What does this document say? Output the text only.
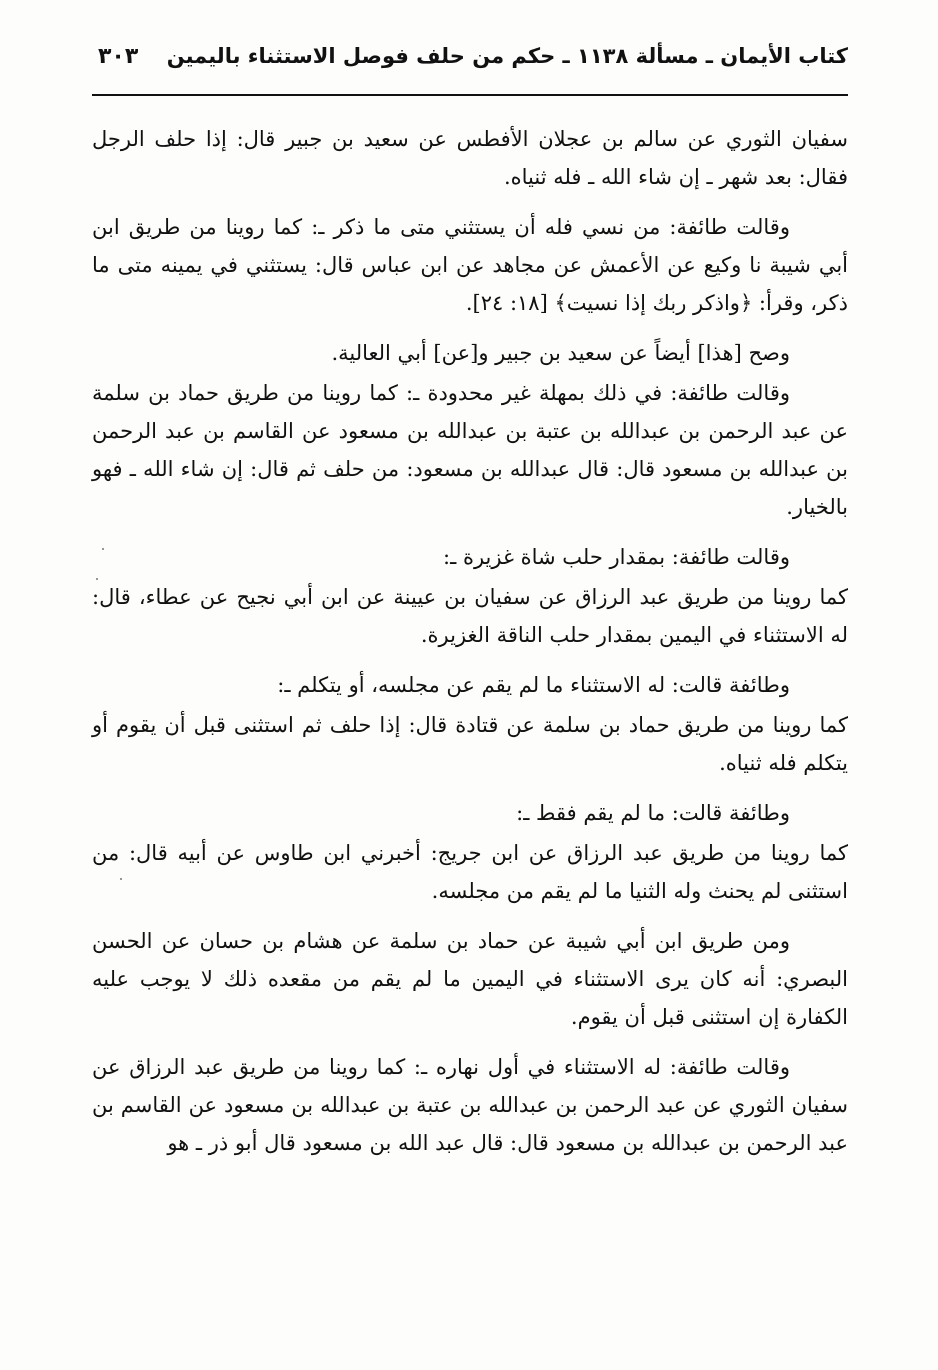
كتاب الأيمان ـ مسألة ١١٣٨ ـ حكم من حلف فوصل الاستثناء باليمين
٣٠٣

سفيان الثوري عن سالم بن عجلان الأفطس عن سعيد بن جبير قال: إذا حلف الرجل فقال: بعد شهر ـ إن شاء الله ـ فله ثنياه.

وقالت طائفة: من نسي فله أن يستثني متى ما ذكر ـ: كما روينا من طريق ابن أبي شيبة نا وكيع عن الأعمش عن مجاهد عن ابن عباس قال: يستثني في يمينه متى ما ذكر، وقرأ: ﴿واذكر ربك إذا نسيت﴾ [١٨: ٢٤].

وصح [هذا] أيضاً عن سعيد بن جبير و[عن] أبي العالية.

وقالت طائفة: في ذلك بمهلة غير محدودة ـ: كما روينا من طريق حماد بن سلمة عن عبد الرحمن بن عبدالله بن عتبة بن عبدالله بن مسعود عن القاسم بن عبد الرحمن بن عبدالله بن مسعود قال: قال عبدالله بن مسعود: من حلف ثم قال: إن شاء الله ـ فهو بالخيار.

وقالت طائفة: بمقدار حلب شاة غزيرة ـ:

كما روينا من طريق عبد الرزاق عن سفيان بن عيينة عن ابن أبي نجيح عن عطاء، قال: له الاستثناء في اليمين بمقدار حلب الناقة الغزيرة.

وطائفة قالت: له الاستثناء ما لم يقم عن مجلسه، أو يتكلم ـ:

كما روينا من طريق حماد بن سلمة عن قتادة قال: إذا حلف ثم استثنى قبل أن يقوم أو يتكلم فله ثنياه.

وطائفة قالت: ما لم يقم فقط ـ:

كما روينا من طريق عبد الرزاق عن ابن جريج: أخبرني ابن طاوس عن أبيه قال: من استثنى لم يحنث وله الثنيا ما لم يقم من مجلسه.

ومن طريق ابن أبي شيبة عن حماد بن سلمة عن هشام بن حسان عن الحسن البصري: أنه كان يرى الاستثناء في اليمين ما لم يقم من مقعده ذلك لا يوجب عليه الكفارة إن استثنى قبل أن يقوم.

وقالت طائفة: له الاستثناء في أول نهاره ـ: كما روينا من طريق عبد الرزاق عن سفيان الثوري عن عبد الرحمن بن عبدالله بن عتبة بن عبدالله بن مسعود عن القاسم بن عبد الرحمن بن عبدالله بن مسعود قال: قال عبد الله بن مسعود قال أبو ذر ـ هو
